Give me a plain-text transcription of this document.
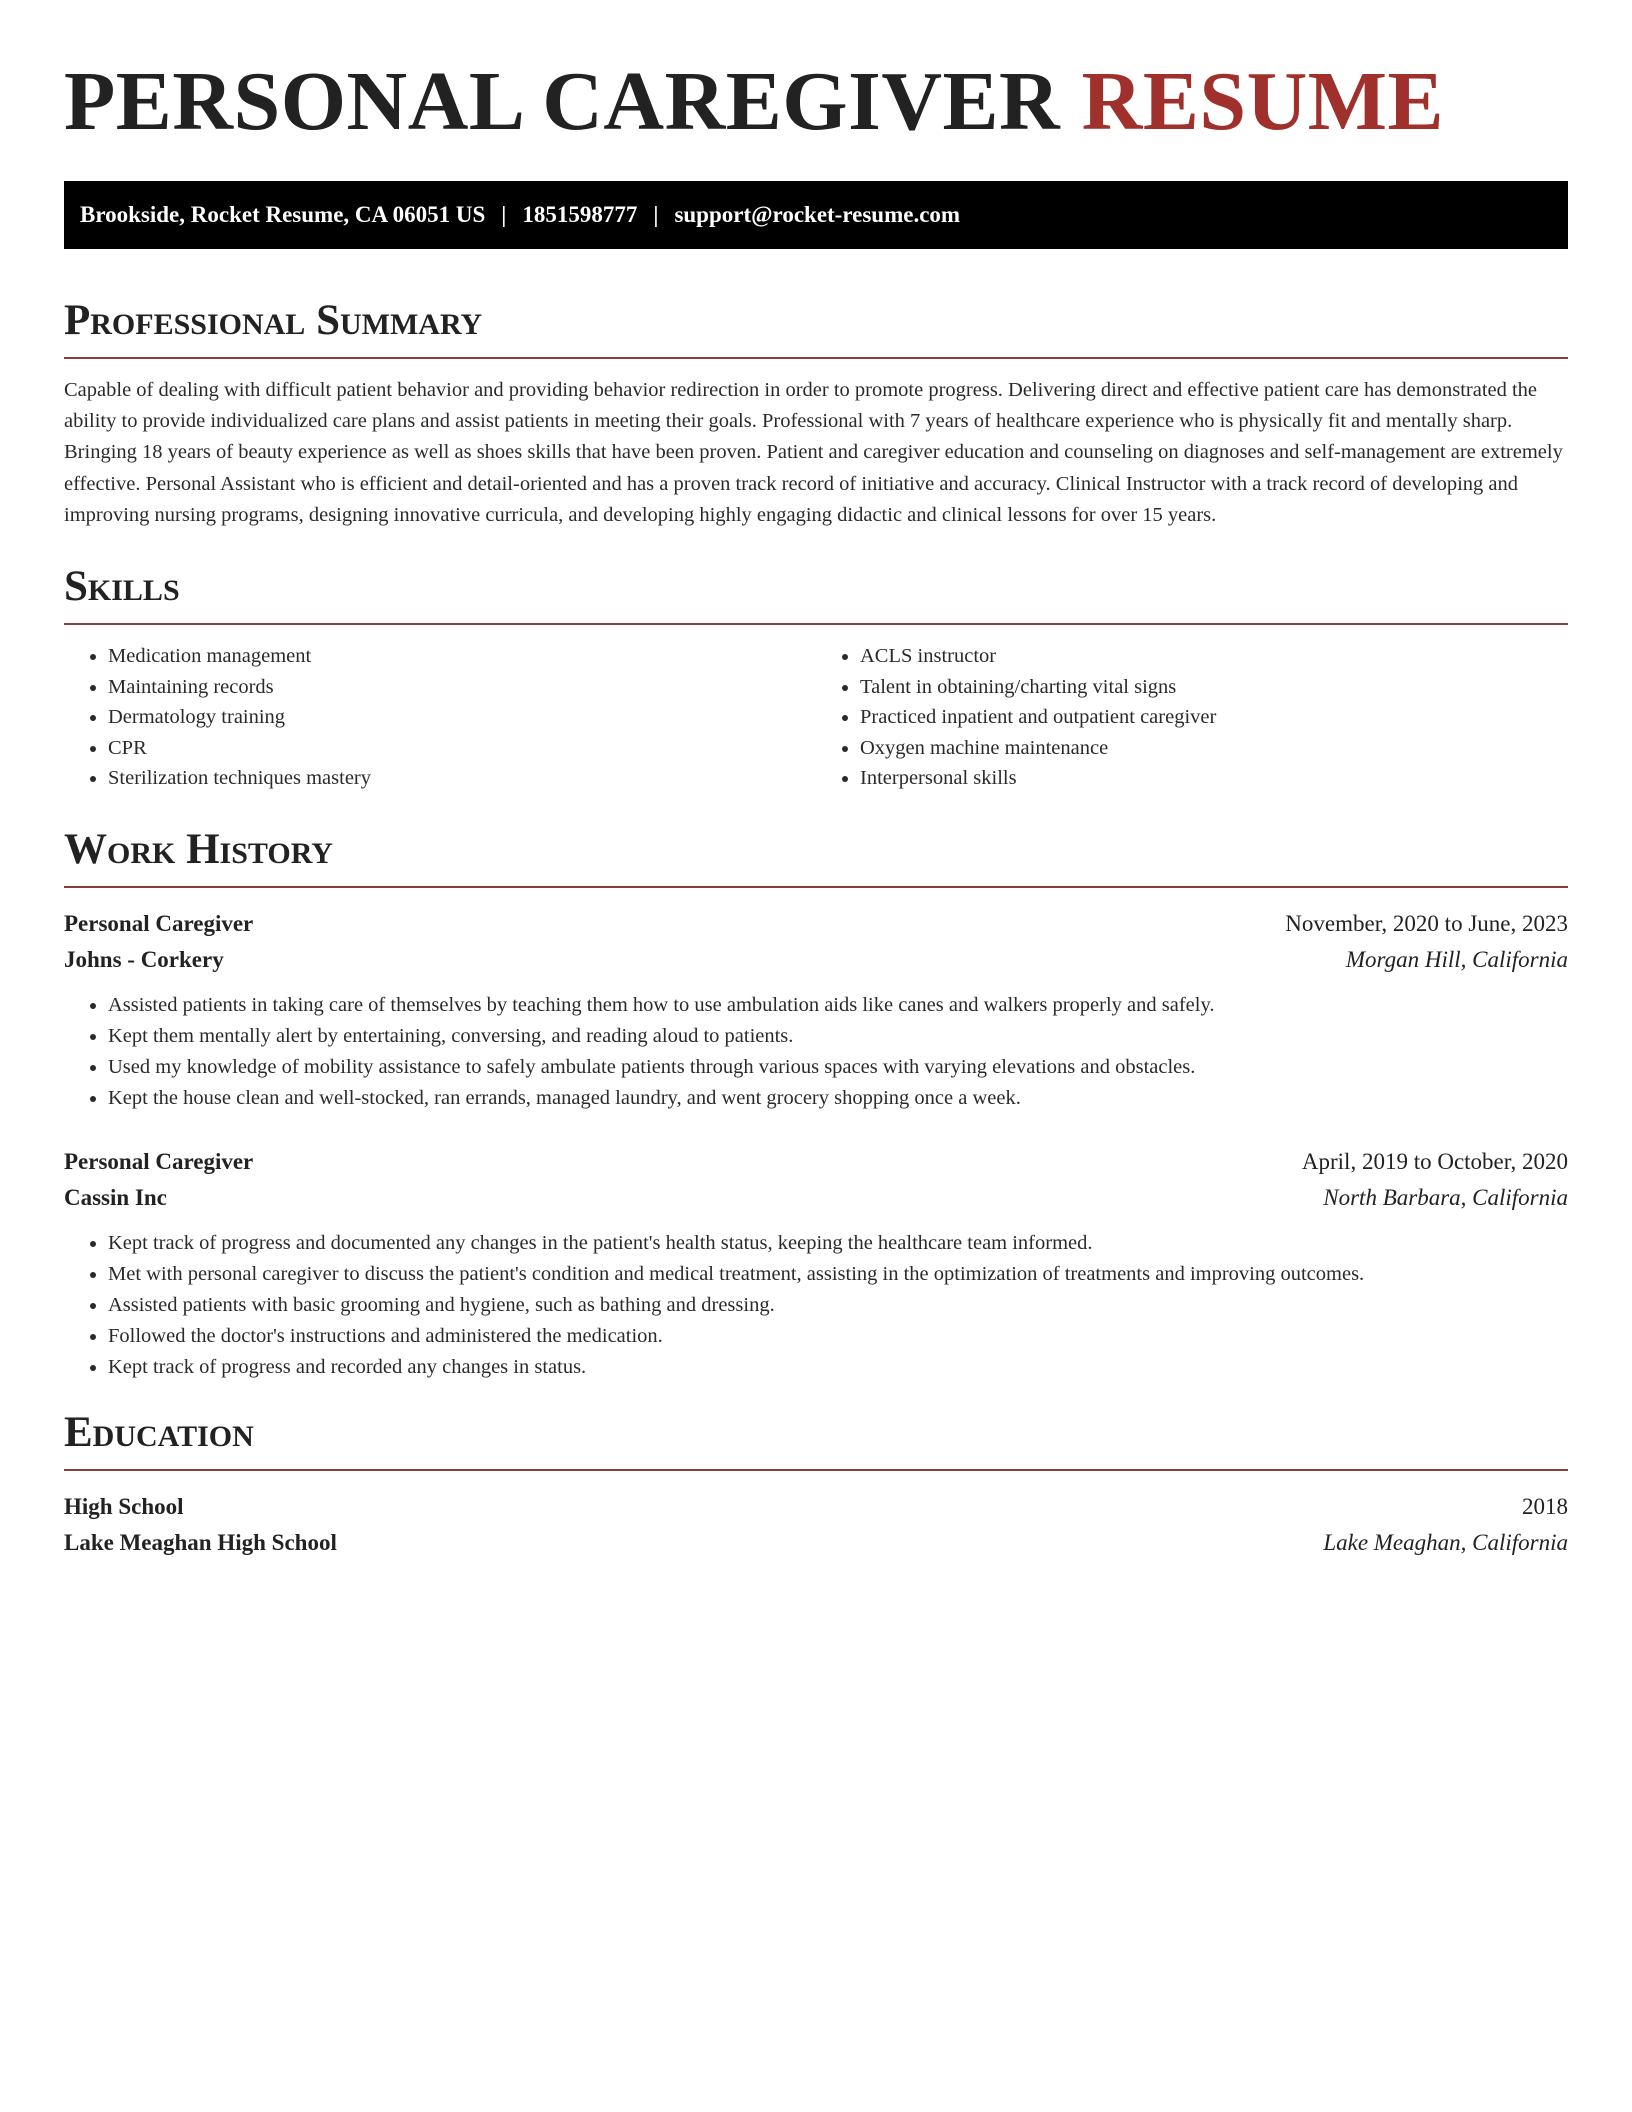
PERSONAL CAREGIVER RESUME
Brookside, Rocket Resume, CA 06051 US | 1851598777 | support@rocket-resume.com
Professional Summary

Capable of dealing with difficult patient behavior and providing behavior redirection in order to promote progress. Delivering direct and effective patient care has demonstrated the ability to provide individualized care plans and assist patients in meeting their goals. Professional with 7 years of healthcare experience who is physically fit and mentally sharp. Bringing 18 years of beauty experience as well as shoes skills that have been proven. Patient and caregiver education and counseling on diagnoses and self-management are extremely effective. Personal Assistant who is efficient and detail-oriented and has a proven track record of initiative and accuracy. Clinical Instructor with a track record of developing and improving nursing programs, designing innovative curricula, and developing highly engaging didactic and clinical lessons for over 15 years.

Skills
• Medication management
• Maintaining records
• Dermatology training
• CPR
• Sterilization techniques mastery
• ACLS instructor
• Talent in obtaining/charting vital signs
• Practiced inpatient and outpatient caregiver
• Oxygen machine maintenance
• Interpersonal skills
Work History
Personal Caregiver	November, 2020 to June, 2023
Johns - Corkery	Morgan Hill, California
• Assisted patients in taking care of themselves by teaching them how to use ambulation aids like canes and walkers properly and safely.
• Kept them mentally alert by entertaining, conversing, and reading aloud to patients.
• Used my knowledge of mobility assistance to safely ambulate patients through various spaces with varying elevations and obstacles.
• Kept the house clean and well-stocked, ran errands, managed laundry, and went grocery shopping once a week.
Personal Caregiver	April, 2019 to October, 2020
Cassin Inc	North Barbara, California
• Kept track of progress and documented any changes in the patient's health status, keeping the healthcare team informed.
• Met with personal caregiver to discuss the patient's condition and medical treatment, assisting in the optimization of treatments and improving outcomes.
• Assisted patients with basic grooming and hygiene, such as bathing and dressing.
• Followed the doctor's instructions and administered the medication.
• Kept track of progress and recorded any changes in status.
Education
High School	2018
Lake Meaghan High School	Lake Meaghan, California
